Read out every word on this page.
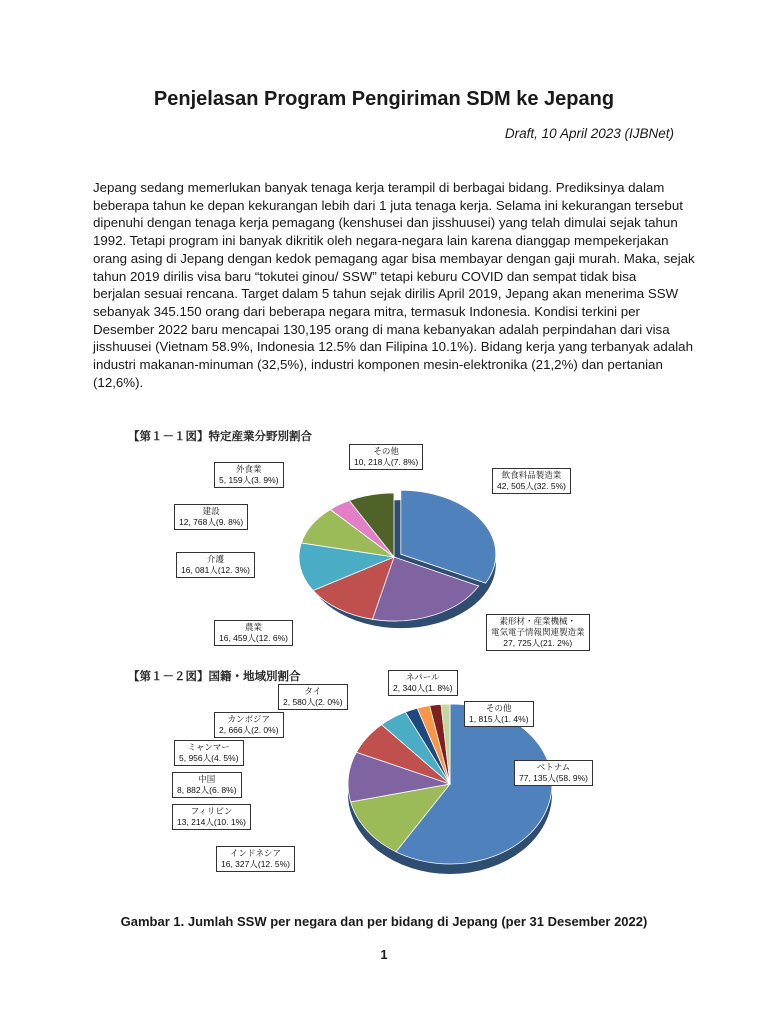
Penjelasan Program Pengiriman SDM ke Jepang
Draft, 10 April 2023 (IJBNet)
Jepang sedang memerlukan banyak tenaga kerja terampil di berbagai bidang. Prediksinya dalam
beberapa tahun ke depan kekurangan lebih dari 1 juta tenaga kerja. Selama ini kekurangan tersebut
dipenuhi dengan tenaga kerja pemagang (kenshusei dan jisshuusei) yang telah dimulai sejak tahun
1992. Tetapi program ini banyak dikritik oleh negara-negara lain karena dianggap mempekerjakan
orang asing di Jepang dengan kedok pemagang agar bisa membayar dengan gaji murah. Maka, sejak
tahun 2019 dirilis visa baru “tokutei ginou/ SSW” tetapi keburu COVID dan sempat tidak bisa
berjalan sesuai rencana. Target dalam 5 tahun sejak dirilis April 2019, Jepang akan menerima SSW
sebanyak 345.150 orang dari beberapa negara mitra, termasuk Indonesia. Kondisi terkini per
Desember 2022 baru mencapai 130,195 orang di mana kebanyakan adalah perpindahan dari visa
jisshuusei (Vietnam 58.9%, Indonesia 12.5% dan Filipina 10.1%). Bidang kerja yang terbanyak adalah
industri makanan-minuman (32,5%), industri komponen mesin-elektronika (21,2%) dan pertanian
(12,6%).
【第１－１図】特定産業分野別割合
その他
10, 218人(7. 8%)
外食業
5, 159人(3. 9%)	飲食料品製造業
42, 505人(32. 5%)
建設
12, 768人(9. 8%)
介護
16, 081人(12. 3%)
農業
16, 459人(12. 6%)
素形材・産業機械・
電気電子情報関連製造業
27, 725人(21. 2%)
【第１－２図】国籍・地域別割合	ネパール
2, 340人(1. 8%)
タイ
2, 580人(2. 0%)
その他
1, 815人(1. 4%)
カンボジア
2, 666人(2. 0%)
ミャンマー
5, 956人(4. 5%)
ベトナム
77, 135人(58. 9%)
中国
8, 882人(6. 8%)
フィリピン
13, 214人(10. 1%)
インドネシア
16, 327人(12. 5%)
Gambar 1. Jumlah SSW per negara dan per bidang di Jepang (per 31 Desember 2022)
1
